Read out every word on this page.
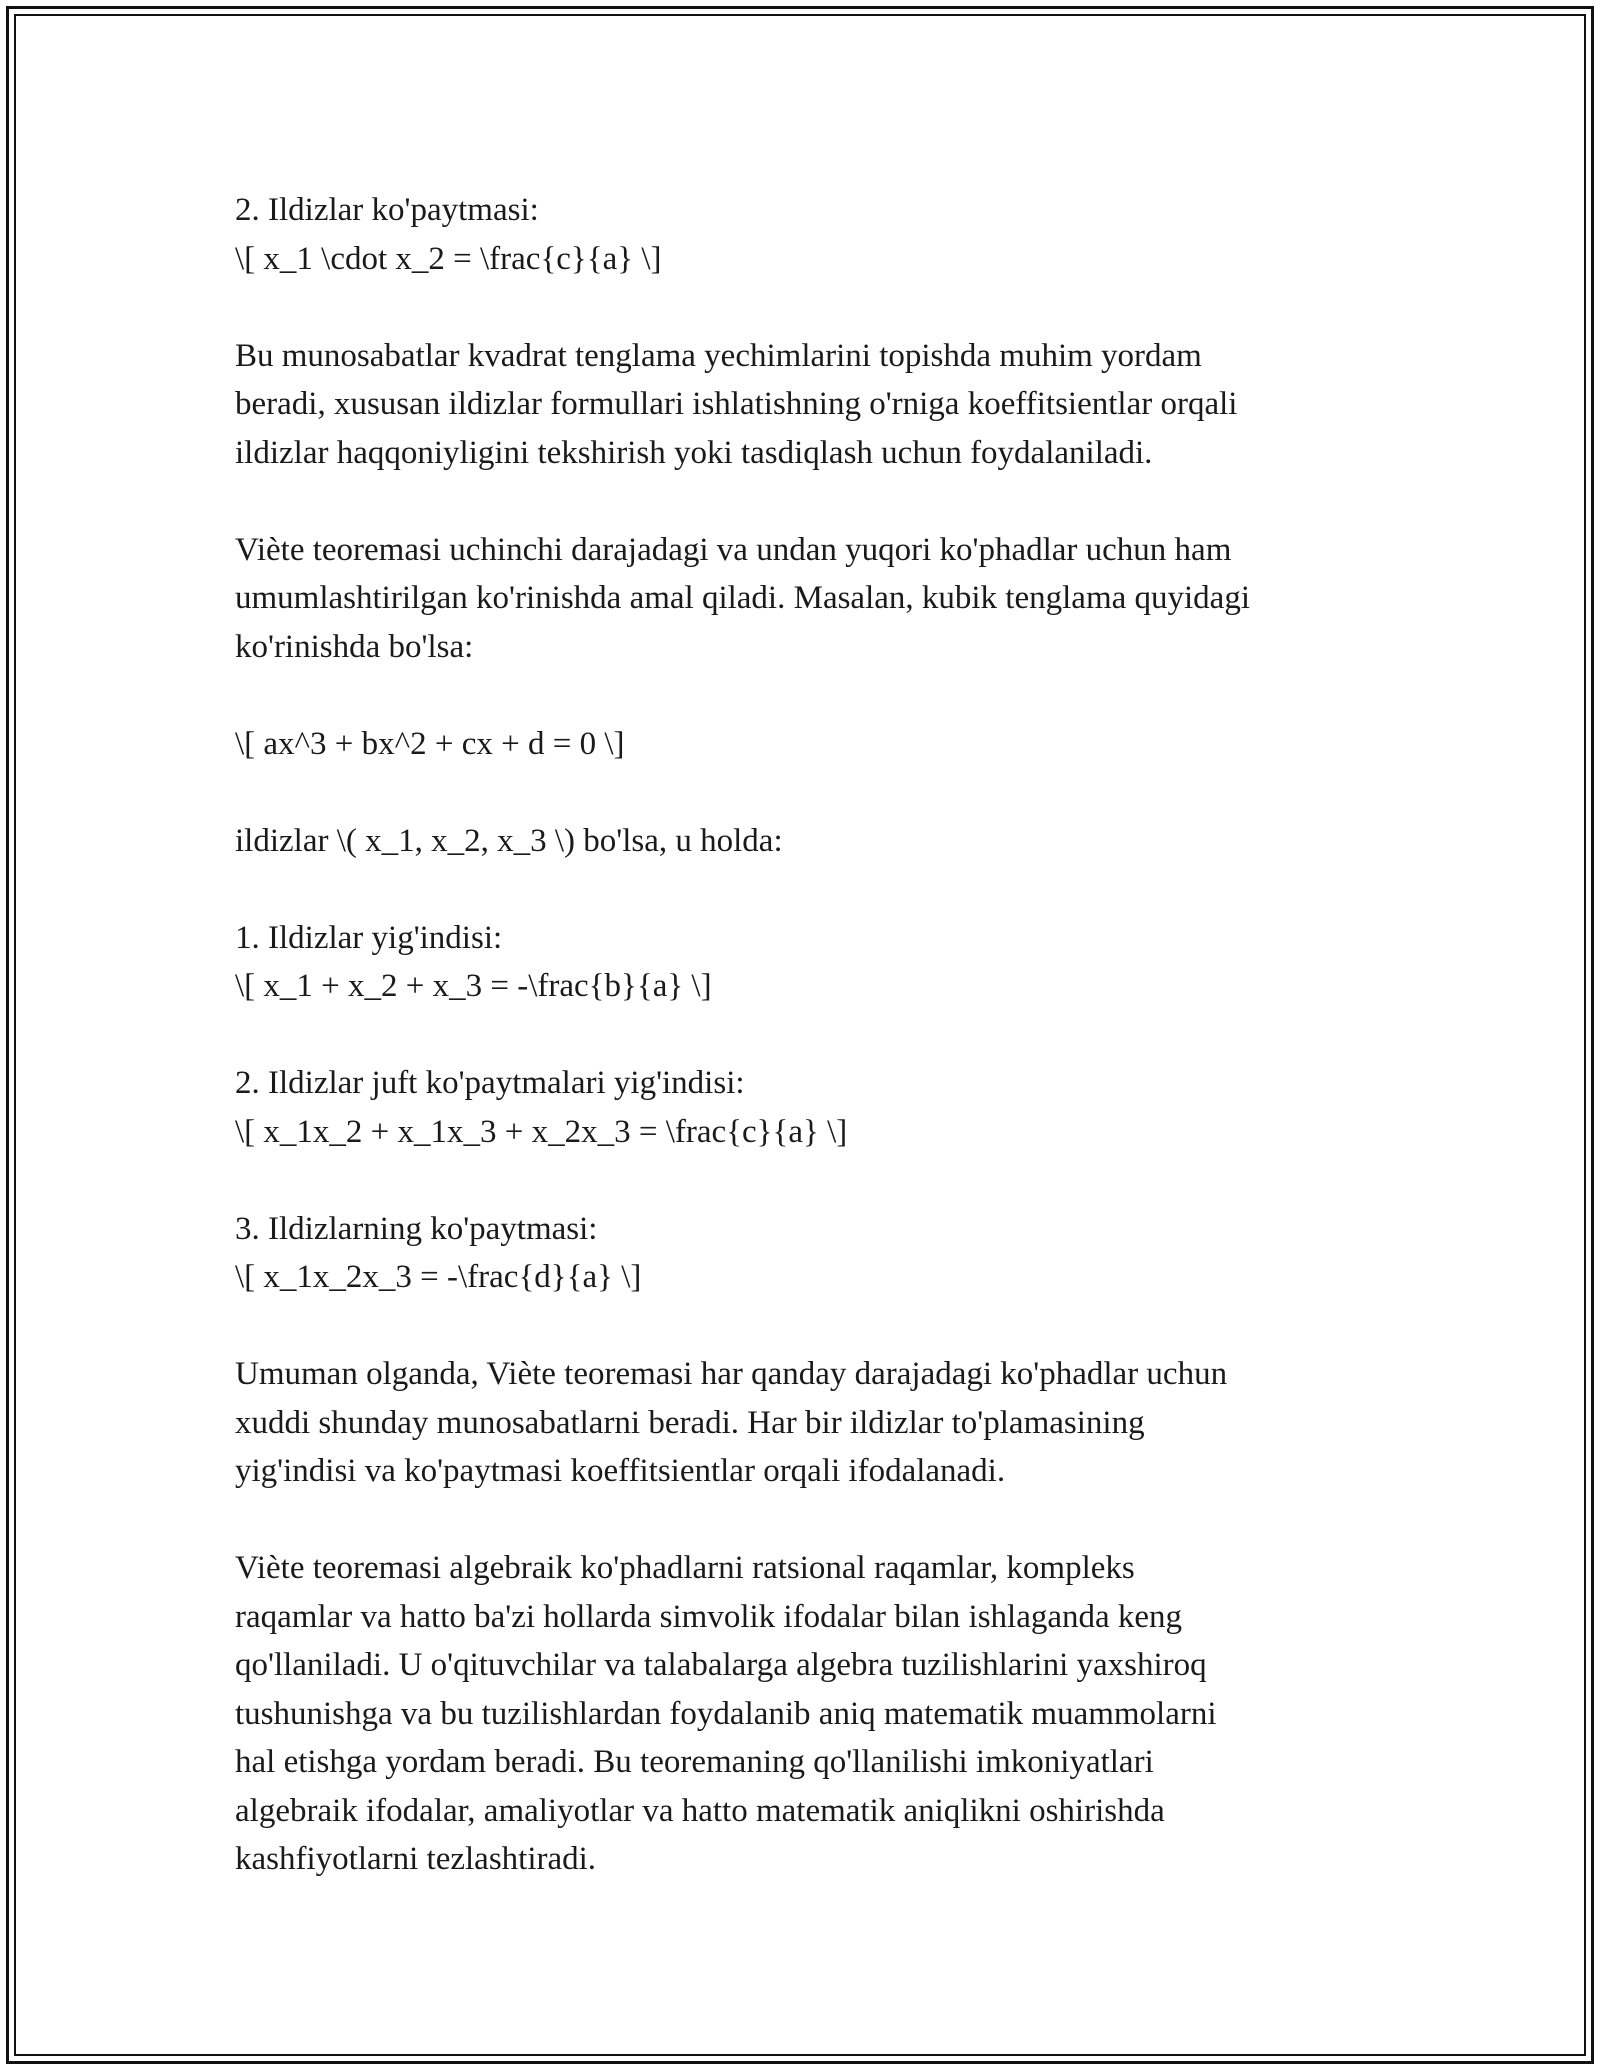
2. Ildizlar ko'paytmasi:
\[ x_1 \cdot x_2 = \frac{c}{a} \]
Bu munosabatlar kvadrat tenglama yechimlarini topishda muhim yordam
beradi, xususan ildizlar formullari ishlatishning o'rniga koeffitsientlar orqali
ildizlar haqqoniyligini tekshirish yoki tasdiqlash uchun foydalaniladi.
Viète teoremasi uchinchi darajadagi va undan yuqori ko'phadlar uchun ham
umumlashtirilgan ko'rinishda amal qiladi. Masalan, kubik tenglama quyidagi
ko'rinishda bo'lsa:
\[ ax^3 + bx^2 + cx + d = 0 \]
ildizlar \( x_1, x_2, x_3 \) bo'lsa, u holda:
1. Ildizlar yig'indisi:
\[ x_1 + x_2 + x_3 = -\frac{b}{a} \]
2. Ildizlar juft ko'paytmalari yig'indisi:
\[ x_1x_2 + x_1x_3 + x_2x_3 = \frac{c}{a} \]
3. Ildizlarning ko'paytmasi:
\[ x_1x_2x_3 = -\frac{d}{a} \]
Umuman olganda, Viète teoremasi har qanday darajadagi ko'phadlar uchun
xuddi shunday munosabatlarni beradi. Har bir ildizlar to'plamasining
yig'indisi va ko'paytmasi koeffitsientlar orqali ifodalanadi.
Viète teoremasi algebraik ko'phadlarni ratsional raqamlar, kompleks
raqamlar va hatto ba'zi hollarda simvolik ifodalar bilan ishlaganda keng
qo'llaniladi. U o'qituvchilar va talabalarga algebra tuzilishlarini yaxshiroq
tushunishga va bu tuzilishlardan foydalanib aniq matematik muammolarni
hal etishga yordam beradi. Bu teoremaning qo'llanilishi imkoniyatlari
algebraik ifodalar, amaliyotlar va hatto matematik aniqlikni oshirishda
kashfiyotlarni tezlashtiradi.
